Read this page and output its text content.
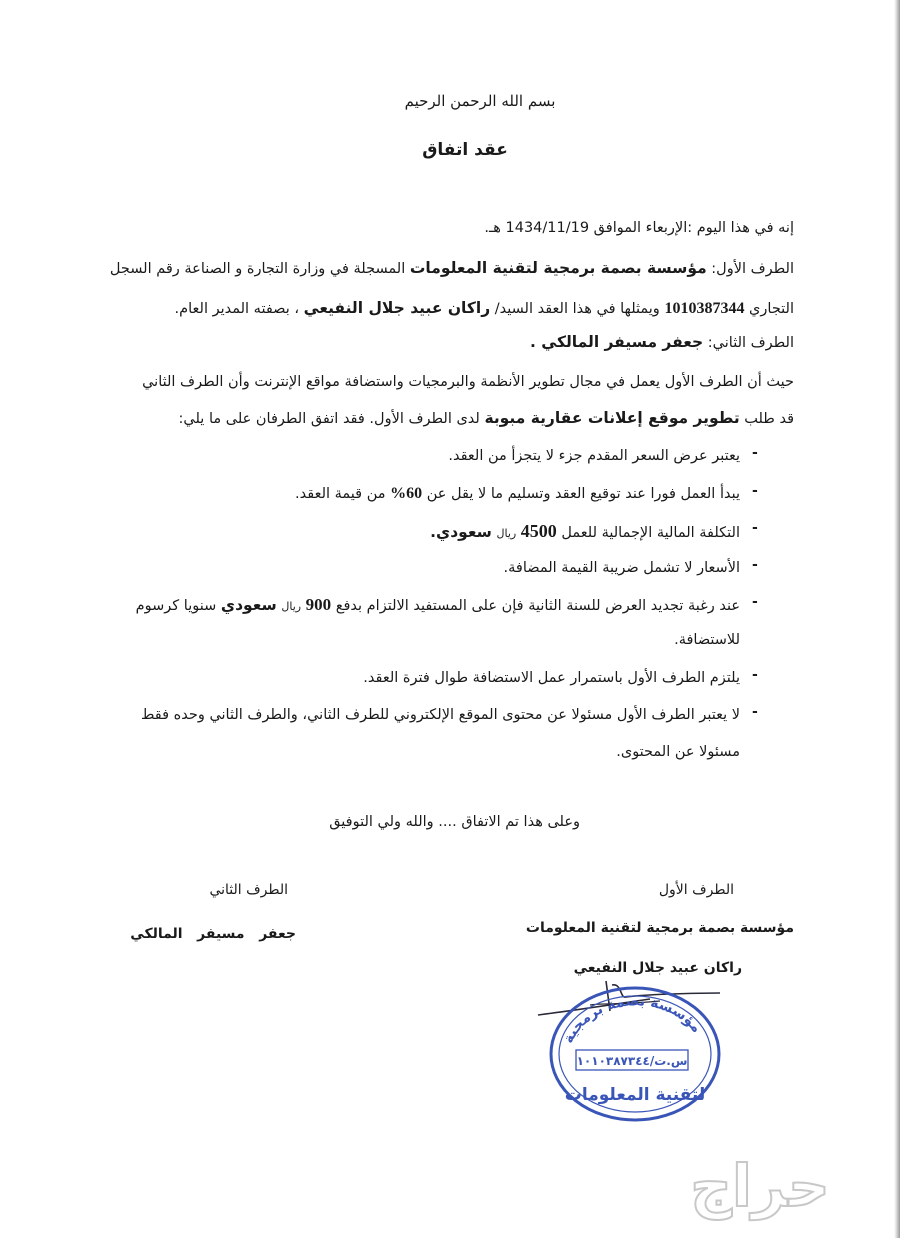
بسم الله الرحمن الرحيم
عقد اتفاق
إنه في هذا اليوم :الإربعاء الموافق 1434/11/19 هـ.
الطرف الأول: مؤسسة بصمة برمجية لتقنية المعلومات المسجلة في وزارة التجارة و الصناعة رقم السجل
التجاري 1010387344 ويمثلها في هذا العقد السيد/ راكان عبيد جلال النفيعي ، بصفته المدير العام.
الطرف الثاني: جعفر مسيفر المالكي .
حيث أن الطرف الأول يعمل في مجال تطوير الأنظمة والبرمجيات واستضافة مواقع الإنترنت وأن الطرف الثاني
قد طلب تطوير موقع إعلانات عقارية مبوبة لدى الطرف الأول. فقد اتفق الطرفان على ما يلي:
-
يعتبر عرض السعر المقدم جزء لا يتجزأ من العقد.
-
يبدأ العمل فورا عند توقيع العقد وتسليم ما لا يقل عن 60% من قيمة العقد.
-
التكلفة المالية الإجمالية للعمل 4500 ريال سعودي.
-
الأسعار لا تشمل ضريبة القيمة المضافة.
-
عند رغبة تجديد العرض للسنة الثانية فإن على المستفيد الالتزام بدفع 900 ريال سعودي سنويا كرسوم
للاستضافة.
-
يلتزم الطرف الأول باستمرار عمل الاستضافة طوال فترة العقد.
-
لا يعتبر الطرف الأول مسئولا عن محتوى الموقع الإلكتروني للطرف الثاني، والطرف الثاني وحده فقط
مسئولا عن المحتوى.
وعلى هذا تم الاتفاق .... والله ولي التوفيق
الطرف الأول
الطرف الثاني
مؤسسة بصمة برمجية لتقنية المعلومات
جعفر   مسيفر   المالكي
راكان عبيد جلال النفيعي
مؤسسة بصمة برمجية
س.ت/١٠١٠٣٨٧٣٤٤
لتقنية المعلومات
حراج
